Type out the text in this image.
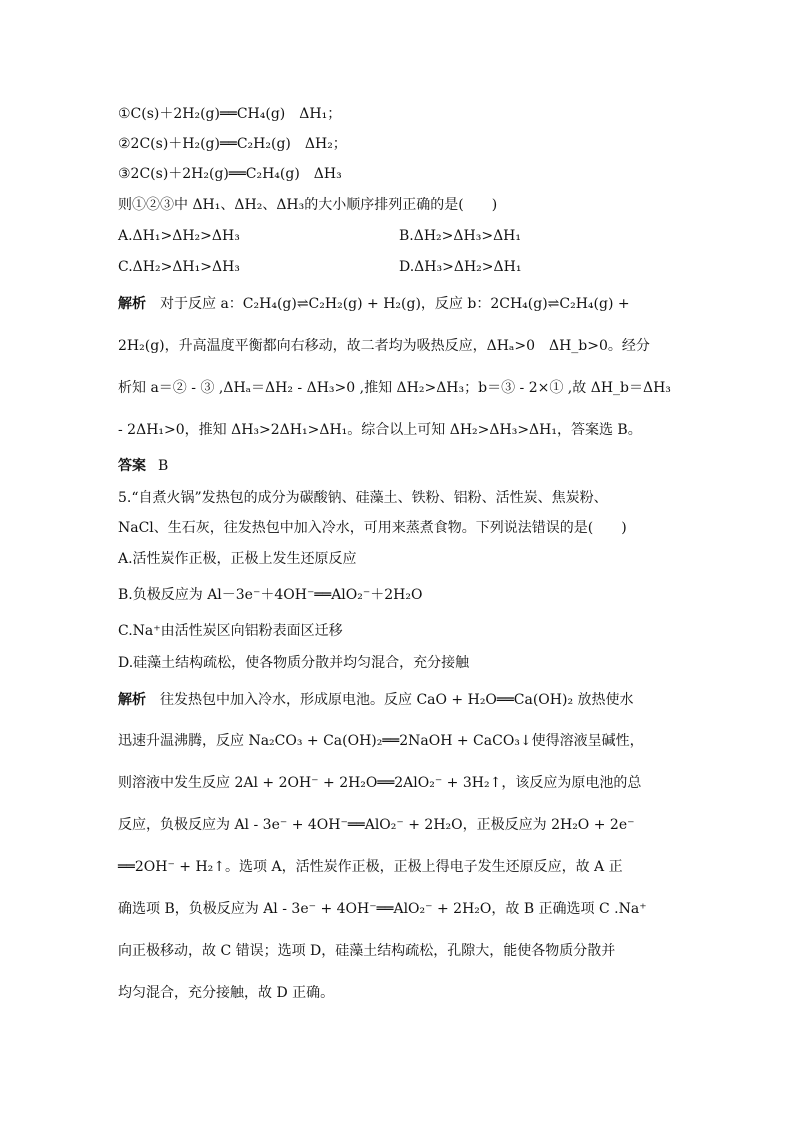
①C(s)＋2H₂(g)══CH₄(g)　ΔH₁；
②2C(s)＋H₂(g)══C₂H₂(g)　ΔH₂；
③2C(s)＋2H₂(g)══C₂H₄(g)　ΔH₃
则①②③中 ΔH₁、ΔH₂、ΔH₃的大小顺序排列正确的是(　　)
A.ΔH₁>ΔH₂>ΔH₃	B.ΔH₂>ΔH₃>ΔH₁
C.ΔH₂>ΔH₁>ΔH₃	D.ΔH₃>ΔH₂>ΔH₁
解析 对于反应 a：C₂H₄(g)⇌C₂H₂(g) + H₂(g)，反应 b：2CH₄(g)⇌C₂H₄(g) +
2H₂(g)，升高温度平衡都向右移动，故二者均为吸热反应，ΔHₐ>0　ΔH_b>0。经分
析知 a＝② - ③ ,ΔHₐ＝ΔH₂ - ΔH₃>0 ,推知 ΔH₂>ΔH₃；b＝③ - 2×① ,故 ΔH_b＝ΔH₃
- 2ΔH₁>0，推知 ΔH₃>2ΔH₁>ΔH₁。综合以上可知 ΔH₂>ΔH₃>ΔH₁，答案选 B。
答案 B
5.“自煮火锅”发热包的成分为碳酸钠、硅藻土、铁粉、铝粉、活性炭、焦炭粉、
NaCl、生石灰，往发热包中加入冷水，可用来蒸煮食物。下列说法错误的是(　　)
A.活性炭作正极，正极上发生还原反应
B.负极反应为 Al－3e⁻＋4OH⁻══AlO₂⁻＋2H₂O
C.Na⁺由活性炭区向铝粉表面区迁移
D.硅藻土结构疏松，使各物质分散并均匀混合，充分接触
解析 往发热包中加入冷水，形成原电池。反应 CaO + H₂O══Ca(OH)₂ 放热使水
迅速升温沸腾，反应 Na₂CO₃ + Ca(OH)₂══2NaOH + CaCO₃↓使得溶液呈碱性，
则溶液中发生反应 2Al + 2OH⁻ + 2H₂O══2AlO₂⁻ + 3H₂↑，该反应为原电池的总
反应，负极反应为 Al - 3e⁻ + 4OH⁻══AlO₂⁻ + 2H₂O，正极反应为 2H₂O + 2e⁻
══2OH⁻ + H₂↑。选项 A，活性炭作正极，正极上得电子发生还原反应，故 A 正
确选项 B，负极反应为 Al - 3e⁻ + 4OH⁻══AlO₂⁻ + 2H₂O，故 B 正确选项 C .Na⁺
向正极移动，故 C 错误；选项 D，硅藻土结构疏松，孔隙大，能使各物质分散并
均匀混合，充分接触，故 D 正确。
